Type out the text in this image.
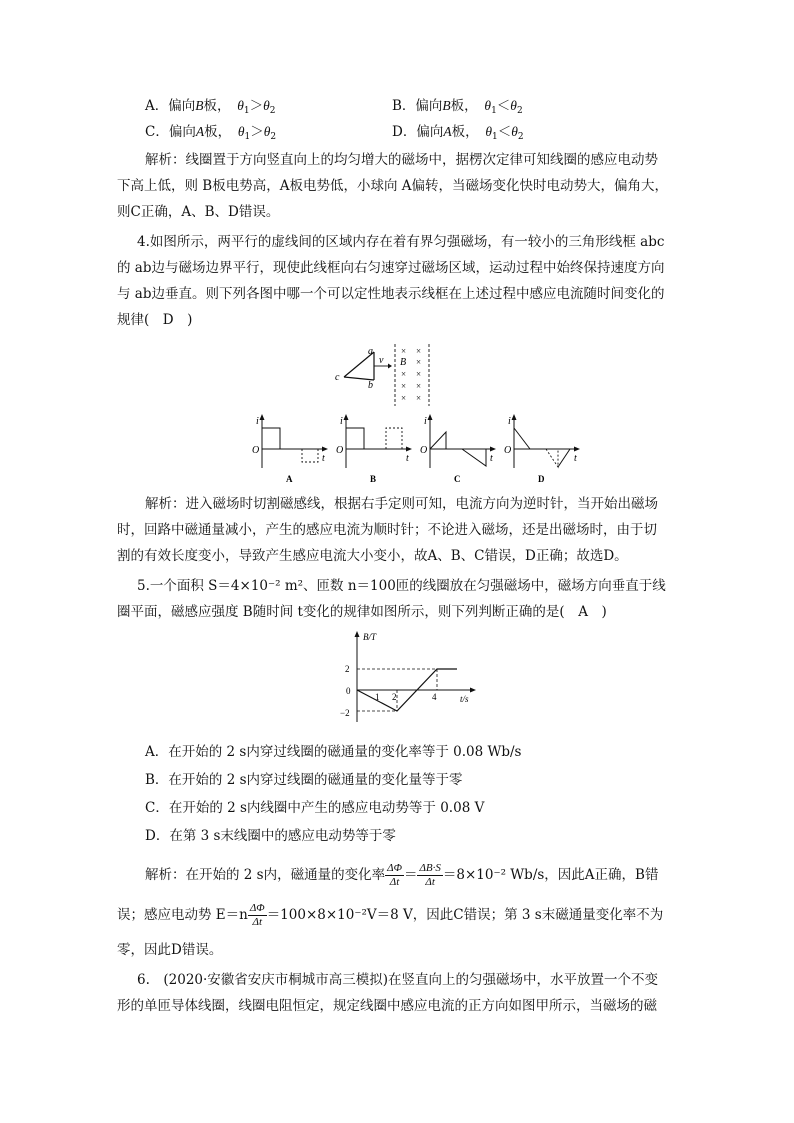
A．偏向B板，　 $\theta_1>\theta_2$	B．偏向B板，　 $\theta_1<\theta_2$
C．偏向A板，　 $\theta_1>\theta_2$	D．偏向A板，　 $\theta_1<\theta_2$
解析：线圈置于方向竖直向上的均匀增大的磁场中，据楞次定律可知线圈的感应电动势
下高上低，则 B板电势高，A板电势低，小球向 A偏转，当磁场变化快时电动势大，偏角大，
则C正确，A、B、D错误。
4.如图所示，两平行的虚线间的区域内存在着有界匀强磁场，有一较小的三角形线框 abc
的 ab边与磁场边界平行，现使此线框向右匀速穿过磁场区域，运动过程中始终保持速度方向
与 ab边垂直。则下列各图中哪一个可以定性地表示线框在上述过程中感应电流随时间变化的
规律(　D　)
a
b
c
v
× ×
B ×
× ×
× ×
× ×
i
O
t
A
i
O
t
B
i
O
t
C
i
O
t
D
解析：进入磁场时切割磁感线，根据右手定则可知，电流方向为逆时针，当开始出磁场
时，回路中磁通量减小，产生的感应电流为顺时针；不论进入磁场，还是出磁场时，由于切
割的有效长度变小，导致产生感应电流大小变小，故A、B、C错误，D正确；故选D。
5.一个面积 S＝4×10⁻² m²、匝数 n＝100匝的线圈放在匀强磁场中，磁场方向垂直于线
圈平面，磁感应强度 B随时间 t变化的规律如图所示，则下列判断正确的是(　A　)
B/T
t/s
2
0
−2
1 2	4
A．在开始的 2 s内穿过线圈的磁通量的变化率等于 0.08 Wb/s
B．在开始的 2 s内穿过线圈的磁通量的变化量等于零
C．在开始的 2 s内线圈中产生的感应电动势等于 0.08 V
D．在第 3 s末线圈中的感应电动势等于零
解析：在开始的 2 s内，磁通量的变化率 $\frac{\Delta\Phi}{\Delta t} = \frac{\Delta B\cdot S}{\Delta t} =8\times 10^{-2}$ Wb/s，因此A正确，B错
误；感应电动势 $E=n \frac{\Delta\Phi}{\Delta t} =100\times 8\times 10^{-2}V=8$ V，因此C错误；第 3 s末磁通量变化率不为
零，因此D错误。
6.　(2020·安徽省安庆市桐城市高三模拟)在竖直向上的匀强磁场中，水平放置一个不变
形的单匝导体线圈，线圈电阻恒定，规定线圈中感应电流的正方向如图甲所示，当磁场的磁
